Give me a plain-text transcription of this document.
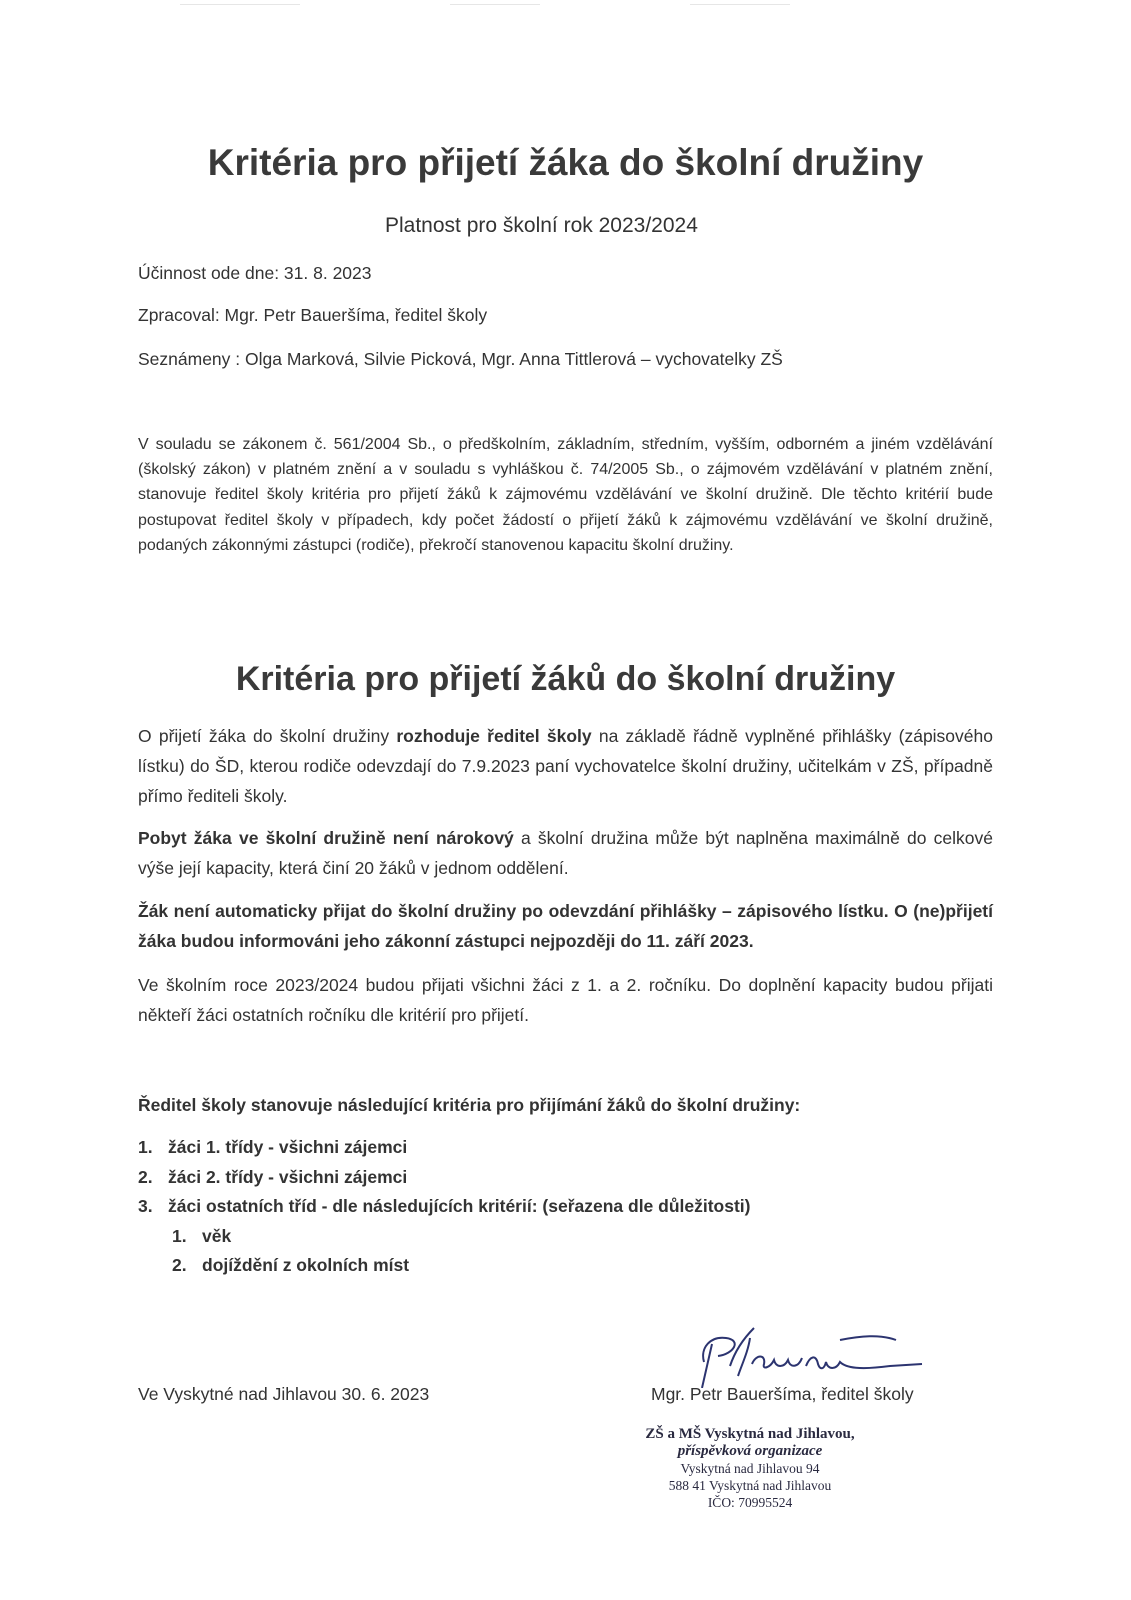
Kritéria pro přijetí žáka do školní družiny
Platnost pro školní rok 2023/2024
Účinnost ode dne: 31. 8. 2023
Zpracoval: Mgr. Petr Baueršíma, ředitel školy
Seznámeny : Olga Marková, Silvie Picková, Mgr. Anna Tittlerová – vychovatelky ZŠ

V souladu se zákonem č. 561/2004 Sb., o předškolním, základním, středním, vyšším, odborném a jiném vzdělávání (školský zákon) v platném znění a v souladu s vyhláškou č. 74/2005 Sb., o zájmovém vzdělávání v platném znění, stanovuje ředitel školy kritéria pro přijetí žáků k zájmovému vzdělávání ve školní družině. Dle těchto kritérií bude postupovat ředitel školy v případech, kdy počet žádostí o přijetí žáků k zájmovému vzdělávání ve školní družině, podaných zákonnými zástupci (rodiče), překročí stanovenou kapacitu školní družiny.

Kritéria pro přijetí žáků do školní družiny

O přijetí žáka do školní družiny rozhoduje ředitel školy na základě řádně vyplněné přihlášky (zápisového lístku) do ŠD, kterou rodiče odevzdají do 7.9.2023 paní vychovatelce školní družiny, učitelkám v ZŠ, případně přímo řediteli školy.

Pobyt žáka ve školní družině není nárokový a školní družina může být naplněna maximálně do celkové výše její kapacity, která činí 20 žáků v jednom oddělení.

Žák není automaticky přijat do školní družiny po odevzdání přihlášky – zápisového lístku. O (ne)přijetí žáka budou informováni jeho zákonní zástupci nejpozději do 11. září 2023.

Ve školním roce 2023/2024 budou přijati všichni žáci z 1. a 2. ročníku. Do doplnění kapacity budou přijati někteří žáci ostatních ročníku dle kritérií pro přijetí.

Ředitel školy stanovuje následující kritéria pro přijímání žáků do školní družiny:

1. žáci 1. třídy - všichni zájemci
2. žáci 2. třídy - všichni zájemci
3. žáci ostatních tříd - dle následujících kritérií: (seřazena dle důležitosti)
1. věk
2. dojíždění z okolních míst
Ve Vyskytné nad Jihlavou 30. 6. 2023	Mgr. Petr Baueršíma, ředitel školy
ZŠ a MŠ Vyskytná nad Jihlavou,
příspěvková organizace
Vyskytná nad Jihlavou 94
588 41 Vyskytná nad Jihlavou
IČO: 70995524
